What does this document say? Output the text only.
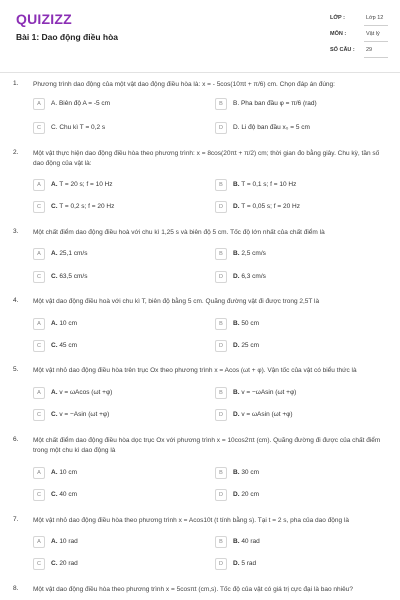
QUIZIZZ
Bài 1: Dao động điều hòa
LỚP :	Lớp 12
MÔN :	Vật lý
SỐ CÂU : 29
1. Phương trình dao động của một vật dao động điều hòa là: x = - 5cos(10πt + π/6) cm. Chọn đáp án đúng:
A	A. Biên độ A = -5 cm	B	B. Pha ban đầu φ = π/6 (rad)
C	C. Chu kì T = 0,2 s	D	D. Li độ ban đầu x₀ = 5 cm
2. Một vật thực hiện dao động điều hòa theo phương trình: x = 8cos(20πt + π/2) cm; thời gian đo bằng giây. Chu kỳ, tần số dao động của vật là:
A	A. T = 20 s; f = 10 Hz	B	B. T = 0,1 s; f = 10 Hz
C	C. T = 0,2 s; f = 20 Hz	D	D. T = 0,05 s; f = 20 Hz
3. Một chất điểm dao động điều hoà với chu kì 1,25 s và biên độ 5 cm. Tốc độ lớn nhất của chất điểm là
A	A. 25,1 cm/s	B	B. 2,5 cm/s
C	C. 63,5 cm/s	D	D. 6,3 cm/s
4. Một vật dao động điều hoà với chu kì T, biên độ bằng 5 cm. Quãng đường vật đi được trong 2,5T là
A	A. 10 cm	B	B. 50 cm
C	C. 45 cm	D	D. 25 cm
5. Một vật nhỏ dao động điều hòa trên trục Ox theo phương trình x = Acos (ωt + φ). Vận tốc của vật có biểu thức là
A	A. v = ωAcos (ωt +φ)	B	B. v = −ωAsin (ωt +φ)
C	C. v = −Asin (ωt +φ)	D	D. v = ωAsin (ωt +φ)
6. Một chất điểm dao động điều hòa dọc trục Ox với phương trình x = 10cos2πt (cm). Quãng đường đi được của chất điểm trong một chu kì dao động là
A	A. 10 cm	B	B. 30 cm
C	C. 40 cm	D	D. 20 cm
7. Một vật nhỏ dao động điều hòa theo phương trình x = Acos10t (t tính bằng s). Tại t = 2 s, pha của dao động là
A	A. 10 rad	B	B. 40 rad
C	C. 20 rad	D	D. 5 rad
8. Một vật dao động điều hòa theo phương trình x = 5cosπt (cm,s). Tốc độ của vật có giá trị cực đại là bao nhiêu?
